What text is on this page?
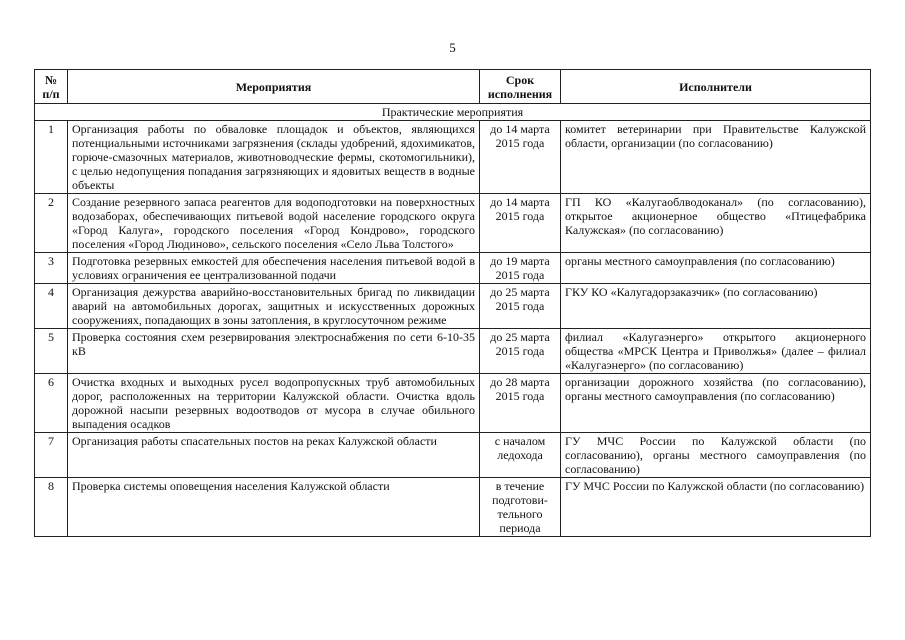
5
№ п/п	Мероприятия	Срок исполнения	Исполнители
Практические мероприятия			
1	Организация работы по обваловке площадок и объектов, являющихся потенциальными источниками загрязнения (склады удобрений, ядохимикатов, горюче-смазочных материалов, животноводческие фермы, скотомогильники), с целью недопущения попадания загрязняющих и ядовитых веществ в водные объекты	до 14 марта 2015 года	комитет ветеринарии при Правительстве Калужской области, организации (по согласованию)
2	Создание резервного запаса реагентов для водоподготовки на поверхностных водозаборах, обеспечивающих питьевой водой население городского округа «Город Калуга», городского поселения «Город Кондрово», городского поселения «Город Людиново», сельского поселения «Село Льва Толстого»	до 14 марта 2015 года	ГП КО «Калугаоблводоканал» (по согласованию), открытое акционерное общество «Птицефабрика Калужская» (по согласованию)
3	Подготовка резервных емкостей для обеспечения населения питьевой водой в условиях ограничения ее централизованной подачи	до 19 марта 2015 года	органы местного самоуправления (по согласованию)
4	Организация дежурства аварийно-восстановительных бригад по ликвидации аварий на автомобильных дорогах, защитных и искусственных дорожных сооружениях, попадающих в зоны затопления, в круглосуточном режиме	до 25 марта 2015 года	ГКУ КО «Калугадорзаказчик» (по согласованию)
5	Проверка состояния схем резервирования электроснабжения по сети 6-10-35 кВ	до 25 марта 2015 года	филиал «Калугаэнерго» открытого акционерного общества «МРСК Центра и Приволжья» (далее – филиал «Калугаэнерго» (по согласованию)
6	Очистка входных и выходных русел водопропускных труб автомобильных дорог, расположенных на территории Калужской области. Очистка вдоль дорожной насыпи резервных водоотводов от мусора в случае обильного выпадения осадков	до 28 марта 2015 года	организации дорожного хозяйства (по согласованию), органы местного самоуправления (по согласованию)
7	Организация работы спасательных постов на реках Калужской области	с началом ледохода	ГУ МЧС России по Калужской области (по согласованию), органы местного самоуправления (по согласованию)
8	Проверка системы оповещения населения Калужской области	в течение подготови-тельного периода	ГУ МЧС России по Калужской области (по согласованию)
